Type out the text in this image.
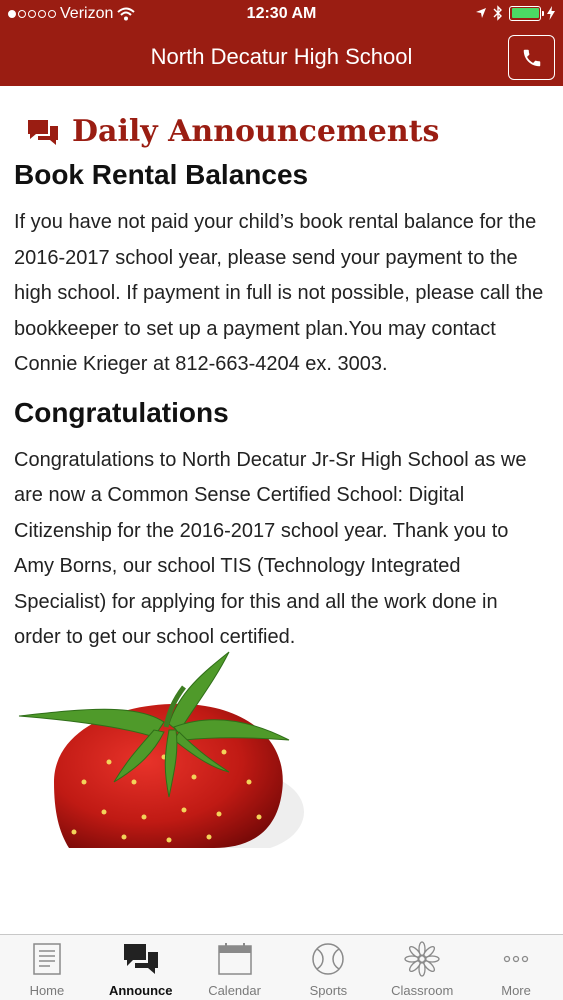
Verizon	12:30 AM
North Decatur High School
Daily Announcements
Book Rental Balances

If you have not paid your child’s book rental balance for the 2016-2017 school year, please send your payment to the high school. If payment in full is not possible, please call the bookkeeper to set up a payment plan.You may contact Connie Krieger at 812-663-4204 ex. 3003.

Congratulations

Congratulations to North Decatur Jr-Sr High School as we are now a Common Sense Certified School: Digital Citizenship for the 2016-2017 school year. Thank you to Amy Borns, our school TIS (Technology Integrated Specialist) for applying for this and all the work done in order to get our school certified.

Home	Announce	Calendar	Sports	Classroom	More
